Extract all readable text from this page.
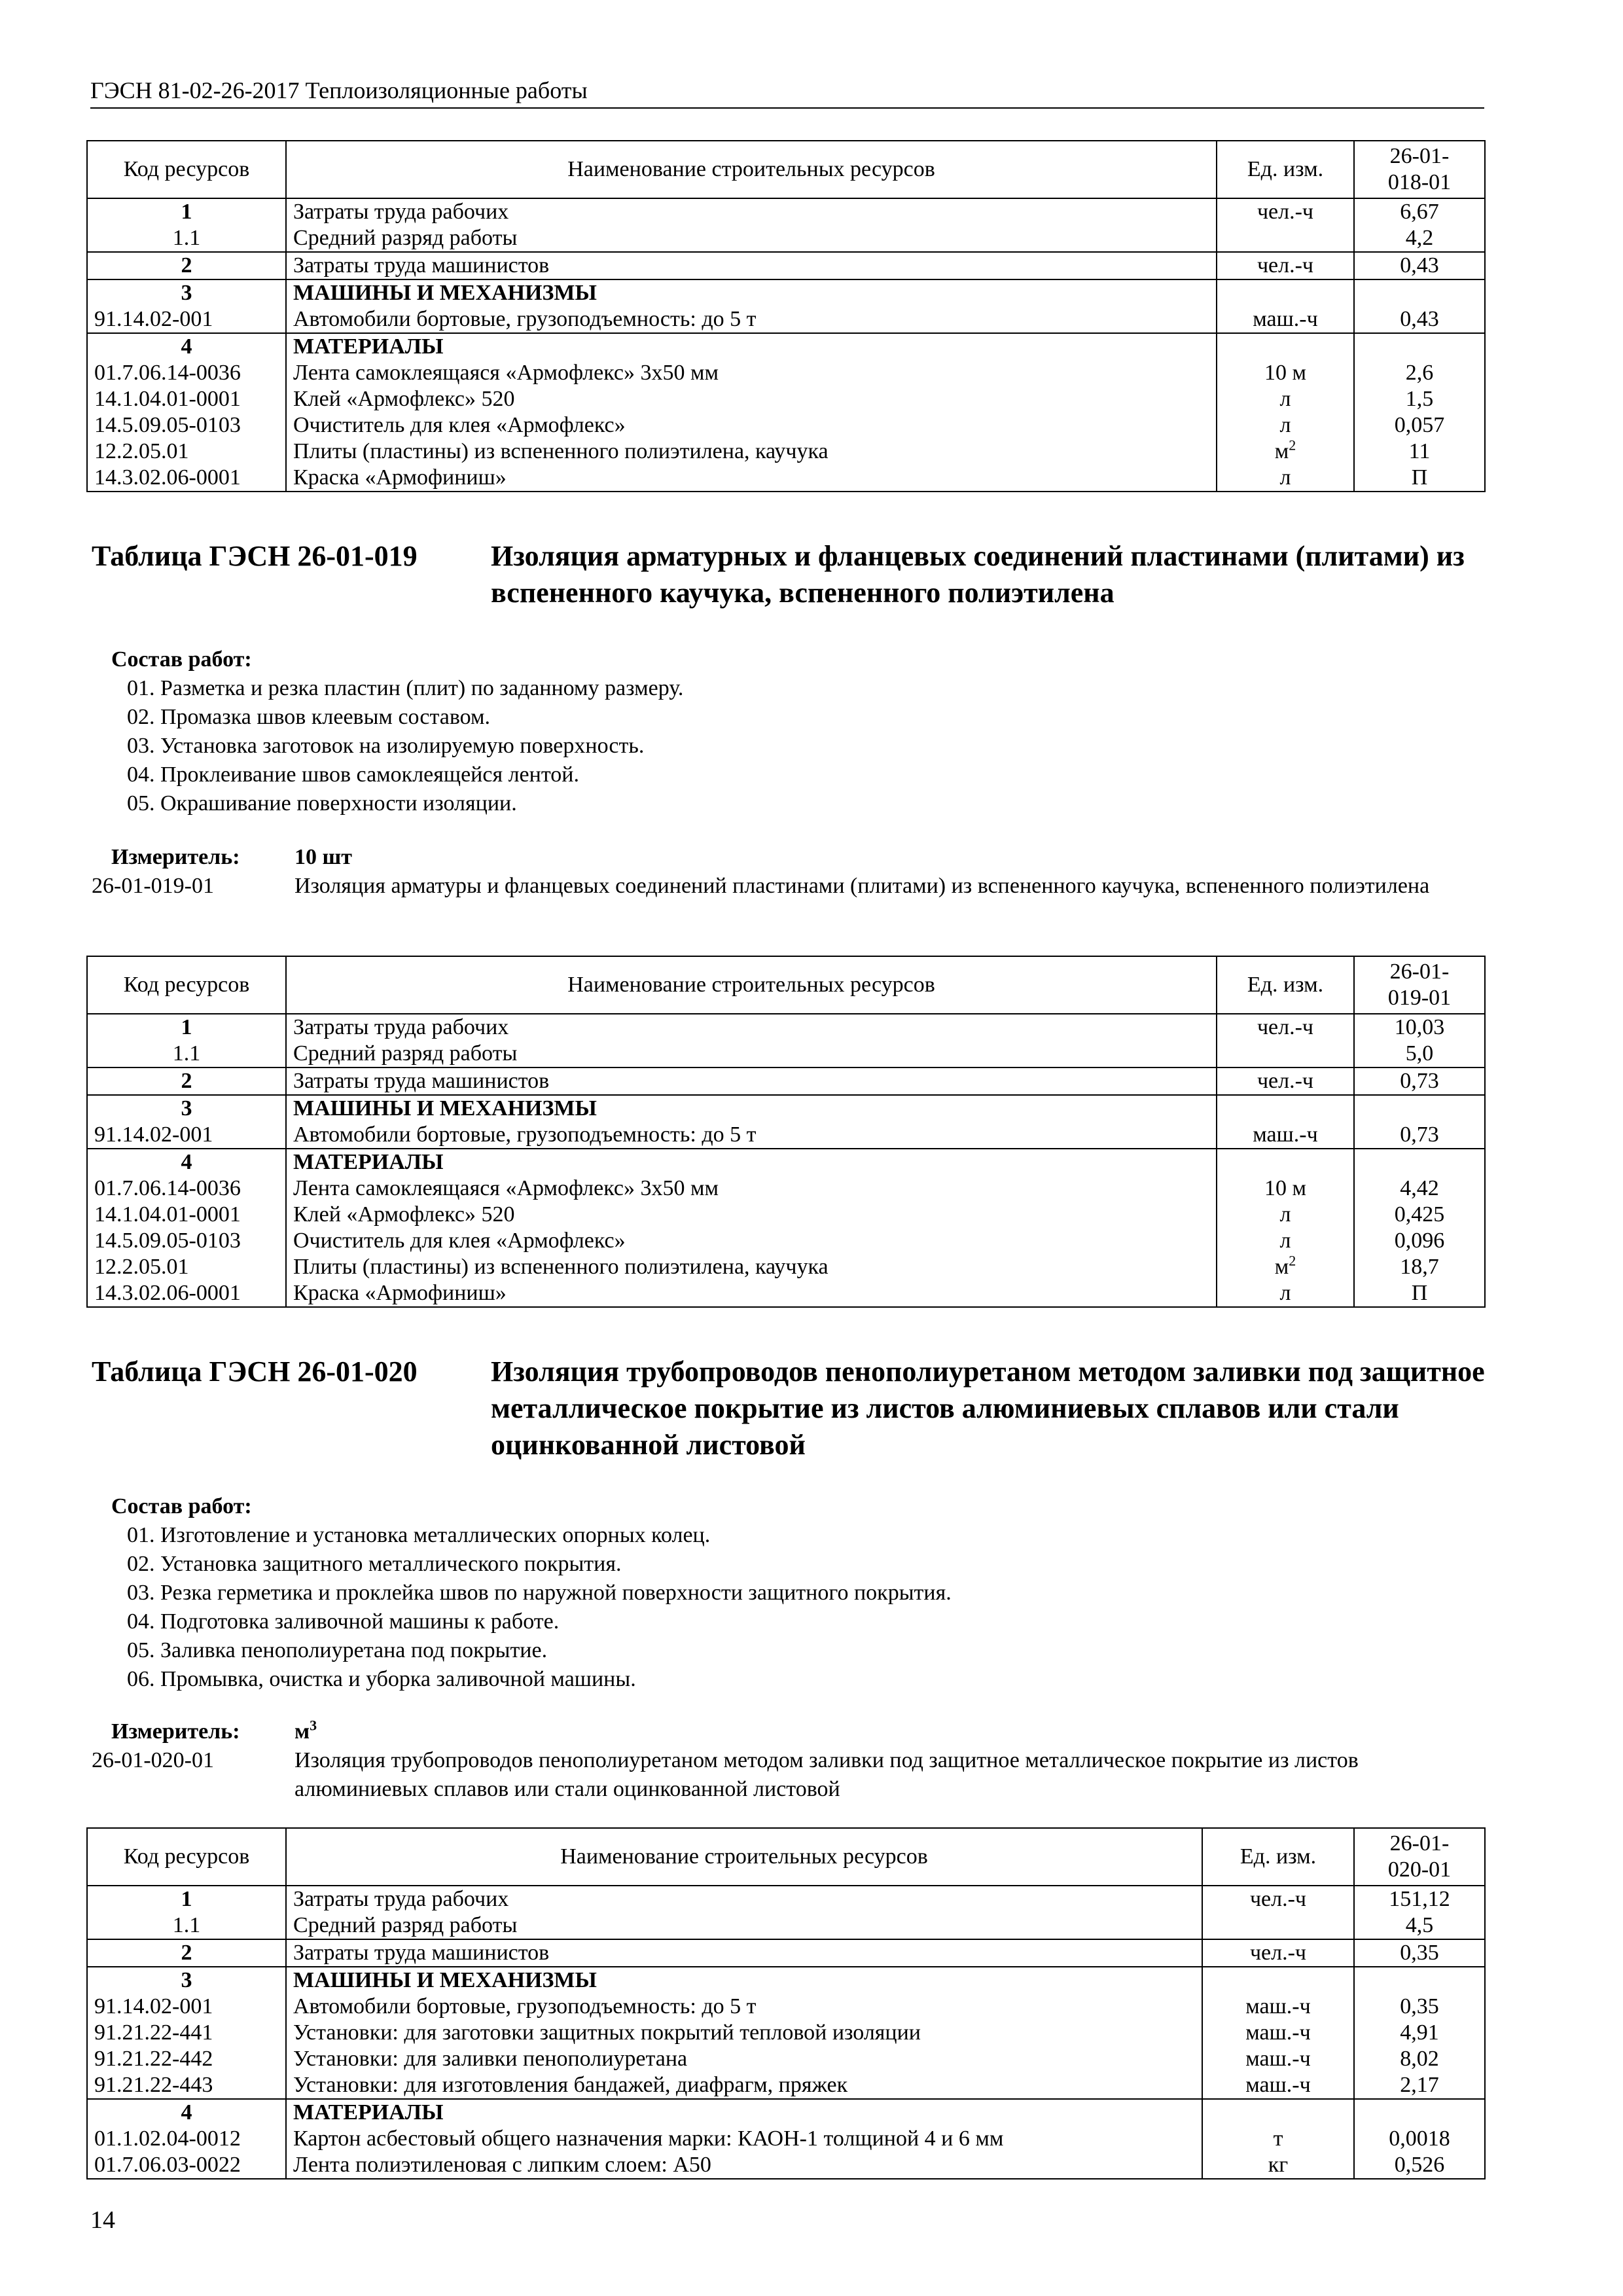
ГЭСН 81-02-26-2017 Теплоизоляционные работы
Код ресурсов	Наименование строительных ресурсов	Ед. изм.	26-01-
018-01
1	Затраты труда рабочих	чел.-ч	6,67
1.1	Средний разряд работы		4,2
2	Затраты труда машинистов	чел.-ч	0,43
3	МАШИНЫ И МЕХАНИЗМЫ		
91.14.02-001	Автомобили бортовые, грузоподъемность: до 5 т	маш.-ч	0,43
4	МАТЕРИАЛЫ		
01.7.06.14-0036	Лента самоклеящаяся «Армофлекс» 3х50 мм	10 м	2,6
14.1.04.01-0001	Клей «Армофлекс» 520	л	1,5
14.5.09.05-0103	Очиститель для клея «Армофлекс»	л	0,057
12.2.05.01	Плиты (пластины) из вспененного полиэтилена, каучука	$м^2$	11
14.3.02.06-0001	Краска «Армофиниш»	л	П
Таблица ГЭСН 26-01-019	Изоляция арматурных и фланцевых соединений пластинами (плитами) из вспененного каучука, вспененного полиэтилена
Состав работ:
01. Разметка и резка пластин (плит) по заданному размеру.
02. Промазка швов клеевым составом.
03. Установка заготовок на изолируемую поверхность.
04. Проклеивание швов самоклеящейся лентой.
05. Окрашивание поверхности изоляции.
Измеритель: 10 шт
26-01-019-01	Изоляция арматуры и фланцевых соединений пластинами (плитами) из вспененного каучука, вспененного полиэтилена
Код ресурсов	Наименование строительных ресурсов	Ед. изм.	26-01-
019-01
1	Затраты труда рабочих	чел.-ч	10,03
1.1	Средний разряд работы		5,0
2	Затраты труда машинистов	чел.-ч	0,73
3	МАШИНЫ И МЕХАНИЗМЫ		
91.14.02-001	Автомобили бортовые, грузоподъемность: до 5 т	маш.-ч	0,73
4	МАТЕРИАЛЫ		
01.7.06.14-0036	Лента самоклеящаяся «Армофлекс» 3х50 мм	10 м	4,42
14.1.04.01-0001	Клей «Армофлекс» 520	л	0,425
14.5.09.05-0103	Очиститель для клея «Армофлекс»	л	0,096
12.2.05.01	Плиты (пластины) из вспененного полиэтилена, каучука	$м^2$	18,7
14.3.02.06-0001	Краска «Армофиниш»	л	П
Таблица ГЭСН 26-01-020	Изоляция трубопроводов пенополиуретаном методом заливки под защитное металлическое покрытие из листов алюминиевых сплавов или стали оцинкованной листовой
Состав работ:
01. Изготовление и установка металлических опорных колец.
02. Установка защитного металлического покрытия.
03. Резка герметика и проклейка швов по наружной поверхности защитного покрытия.
04. Подготовка заливочной машины к работе.
05. Заливка пенополиуретана под покрытие.
06. Промывка, очистка и уборка заливочной машины.
Измеритель: $м^3$
26-01-020-01	Изоляция трубопроводов пенополиуретаном методом заливки под защитное металлическое покрытие из листов алюминиевых сплавов или стали оцинкованной листовой
Код ресурсов	Наименование строительных ресурсов	Ед. изм.	26-01-
020-01
1	Затраты труда рабочих	чел.-ч	151,12
1.1	Средний разряд работы		4,5
2	Затраты труда машинистов	чел.-ч	0,35
3	МАШИНЫ И МЕХАНИЗМЫ		
91.14.02-001	Автомобили бортовые, грузоподъемность: до 5 т	маш.-ч	0,35
91.21.22-441	Установки: для заготовки защитных покрытий тепловой изоляции	маш.-ч	4,91
91.21.22-442	Установки: для заливки пенополиуретана	маш.-ч	8,02
91.21.22-443	Установки: для изготовления бандажей, диафрагм, пряжек	маш.-ч	2,17
4	МАТЕРИАЛЫ		
01.1.02.04-0012	Картон асбестовый общего назначения марки: КАОН-1 толщиной 4 и 6 мм	т	0,0018
01.7.06.03-0022	Лента полиэтиленовая с липким слоем: А50	кг	0,526
14
